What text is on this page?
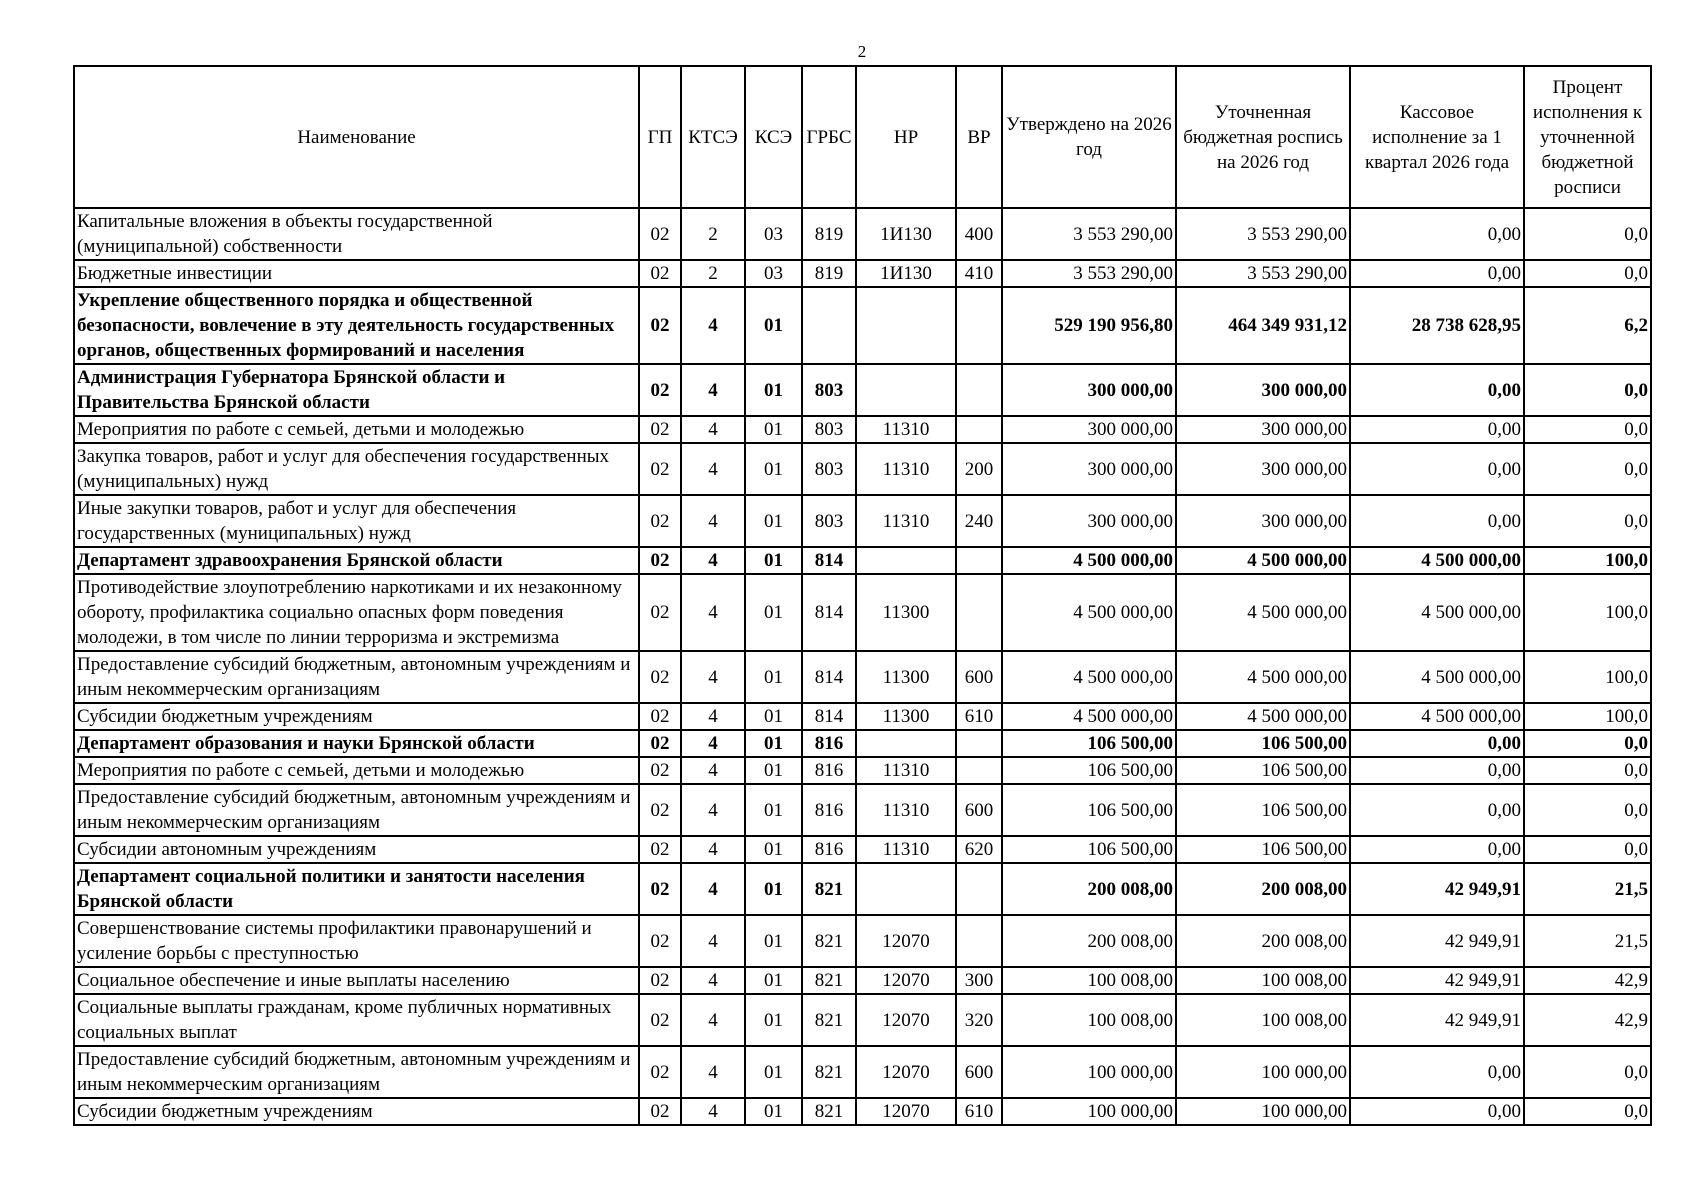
2
Наименование	ГП	КТСЭ	КСЭ	ГРБС	НР	ВР	Утверждено на 2026 год	Уточненная бюджетная роспись на 2026 год	Кассовое исполнение за 1 квартал 2026 года	Процент исполнения к уточненной бюджетной росписи
Капитальные вложения в объекты государственной (муниципальной) собственности	02	2	03	819	1И130	400	3 553 290,00	3 553 290,00	0,00	0,0
Бюджетные инвестиции	02	2	03	819	1И130	410	3 553 290,00	3 553 290,00	0,00	0,0
Укрепление общественного порядка и общественной безопасности, вовлечение в эту деятельность государственных органов, общественных формирований и населения	02	4	01				529 190 956,80	464 349 931,12	28 738 628,95	6,2
Администрация Губернатора Брянской области и Правительства Брянской области	02	4	01	803			300 000,00	300 000,00	0,00	0,0
Мероприятия по работе с семьей, детьми и молодежью	02	4	01	803	11310		300 000,00	300 000,00	0,00	0,0
Закупка товаров, работ и услуг для обеспечения государственных (муниципальных) нужд	02	4	01	803	11310	200	300 000,00	300 000,00	0,00	0,0
Иные закупки товаров, работ и услуг для обеспечения государственных (муниципальных) нужд	02	4	01	803	11310	240	300 000,00	300 000,00	0,00	0,0
Департамент здравоохранения Брянской области	02	4	01	814			4 500 000,00	4 500 000,00	4 500 000,00	100,0
Противодействие злоупотреблению наркотиками и их незаконному обороту, профилактика социально опасных форм поведения молодежи, в том числе по линии терроризма и экстремизма	02	4	01	814	11300		4 500 000,00	4 500 000,00	4 500 000,00	100,0
Предоставление субсидий бюджетным, автономным учреждениям и иным некоммерческим организациям	02	4	01	814	11300	600	4 500 000,00	4 500 000,00	4 500 000,00	100,0
Субсидии бюджетным учреждениям	02	4	01	814	11300	610	4 500 000,00	4 500 000,00	4 500 000,00	100,0
Департамент образования и науки Брянской области	02	4	01	816			106 500,00	106 500,00	0,00	0,0
Мероприятия по работе с семьей, детьми и молодежью	02	4	01	816	11310		106 500,00	106 500,00	0,00	0,0
Предоставление субсидий бюджетным, автономным учреждениям и иным некоммерческим организациям	02	4	01	816	11310	600	106 500,00	106 500,00	0,00	0,0
Субсидии автономным учреждениям	02	4	01	816	11310	620	106 500,00	106 500,00	0,00	0,0
Департамент социальной политики и занятости населения Брянской области	02	4	01	821			200 008,00	200 008,00	42 949,91	21,5
Совершенствование системы профилактики правонарушений и усиление борьбы с преступностью	02	4	01	821	12070		200 008,00	200 008,00	42 949,91	21,5
Социальное обеспечение и иные выплаты населению	02	4	01	821	12070	300	100 008,00	100 008,00	42 949,91	42,9
Социальные выплаты гражданам, кроме публичных нормативных социальных выплат	02	4	01	821	12070	320	100 008,00	100 008,00	42 949,91	42,9
Предоставление субсидий бюджетным, автономным учреждениям и иным некоммерческим организациям	02	4	01	821	12070	600	100 000,00	100 000,00	0,00	0,0
Субсидии бюджетным учреждениям	02	4	01	821	12070	610	100 000,00	100 000,00	0,00	0,0
